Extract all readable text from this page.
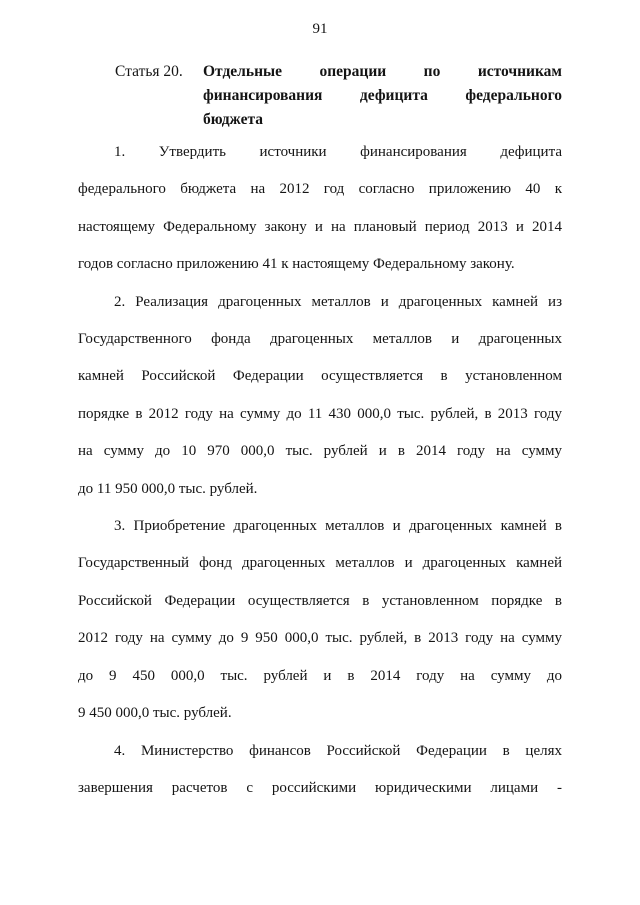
91
Статья 20. Отдельные операции по источникам
финансирования дефицита федерального
бюджета
1. Утвердить источники финансирования дефицита
федерального бюджета на 2012 год согласно приложению 40 к
настоящему Федеральному закону и на плановый период 2013 и 2014
годов согласно приложению 41 к настоящему Федеральному закону.
2. Реализация драгоценных металлов и драгоценных камней из
Государственного фонда драгоценных металлов и драгоценных
камней Российской Федерации осуществляется в установленном
порядке в 2012 году на сумму до 11 430 000,0 тыс. рублей, в 2013 году
на сумму до 10 970 000,0 тыс. рублей и в 2014 году на сумму
до 11 950 000,0 тыс. рублей.
3. Приобретение драгоценных металлов и драгоценных камней в
Государственный фонд драгоценных металлов и драгоценных камней
Российской Федерации осуществляется в установленном порядке в
2012 году на сумму до 9 950 000,0 тыс. рублей, в 2013 году на сумму
до 9 450 000,0 тыс. рублей и в 2014 году на сумму до
9 450 000,0 тыс. рублей.
4. Министерство финансов Российской Федерации в целях
завершения расчетов с российскими юридическими лицами -
